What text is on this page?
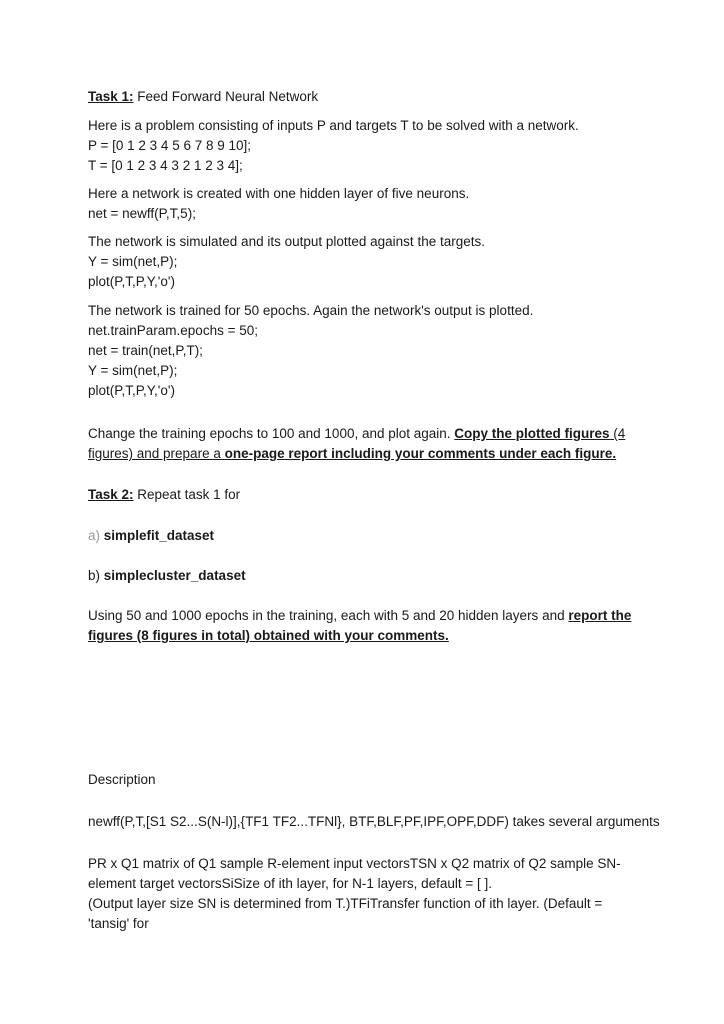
Task 1: Feed Forward Neural Network
Here is a problem consisting of inputs P and targets T to be solved with a network.
P = [0 1 2 3 4 5 6 7 8 9 10];
T = [0 1 2 3 4 3 2 1 2 3 4];
Here a network is created with one hidden layer of five neurons.
net = newff(P,T,5);
The network is simulated and its output plotted against the targets.
Y = sim(net,P);
plot(P,T,P,Y,'o')
The network is trained for 50 epochs. Again the network's output is plotted.
net.trainParam.epochs = 50;
net = train(net,P,T);
Y = sim(net,P);
plot(P,T,P,Y,'o')
Change the training epochs to 100 and 1000, and plot again. Copy the plotted figures (4
figures) and prepare a one-page report including your comments under each figure.
Task 2: Repeat task 1 for
a) simplefit_dataset
b) simplecluster_dataset
Using 50 and 1000 epochs in the training, each with 5 and 20 hidden layers and report the
figures (8 figures in total) obtained with your comments.
Description
newff(P,T,[S1 S2...S(N-l)],{TF1 TF2...TFNl}, BTF,BLF,PF,IPF,OPF,DDF) takes several arguments
PR x Q1 matrix of Q1 sample R-element input vectorsTSN x Q2 matrix of Q2 sample SN-
element target vectorsSiSize of ith layer, for N-1 layers, default = [ ].
(Output layer size SN is determined from T.)TFiTransfer function of ith layer. (Default =
'tansig' for
